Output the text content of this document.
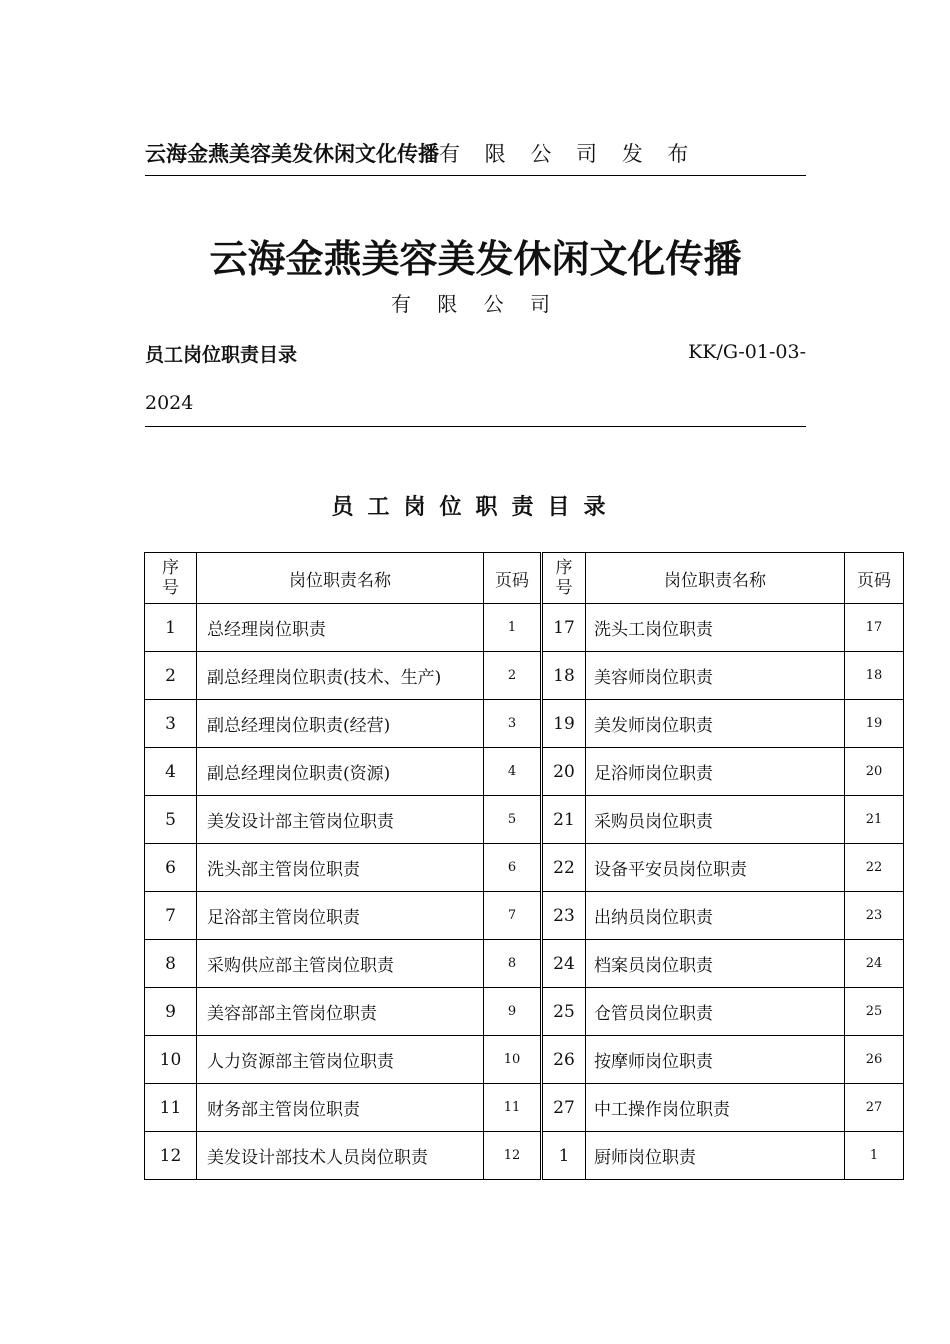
云海金燕美容美发休闲文化传播有 限 公 司 发 布
云海金燕美容美发休闲文化传播
有 限 公 司
员工岗位职责目录	KK/G-01-03-
2024
员工岗位职责目录
序号	岗位职责名称	页码	序号	岗位职责名称	页码
1	总经理岗位职责	1	17	洗头工岗位职责	17
2	副总经理岗位职责(技术、生产)	2	18	美容师岗位职责	18
3	副总经理岗位职责(经营)	3	19	美发师岗位职责	19
4	副总经理岗位职责(资源)	4	20	足浴师岗位职责	20
5	美发设计部主管岗位职责	5	21	采购员岗位职责	21
6	洗头部主管岗位职责	6	22	设备平安员岗位职责	22
7	足浴部主管岗位职责	7	23	出纳员岗位职责	23
8	采购供应部主管岗位职责	8	24	档案员岗位职责	24
9	美容部部主管岗位职责	9	25	仓管员岗位职责	25
10	人力资源部主管岗位职责	10	26	按摩师岗位职责	26
11	财务部主管岗位职责	11	27	中工操作岗位职责	27
12	美发设计部技术人员岗位职责	12	1	厨师岗位职责	1
